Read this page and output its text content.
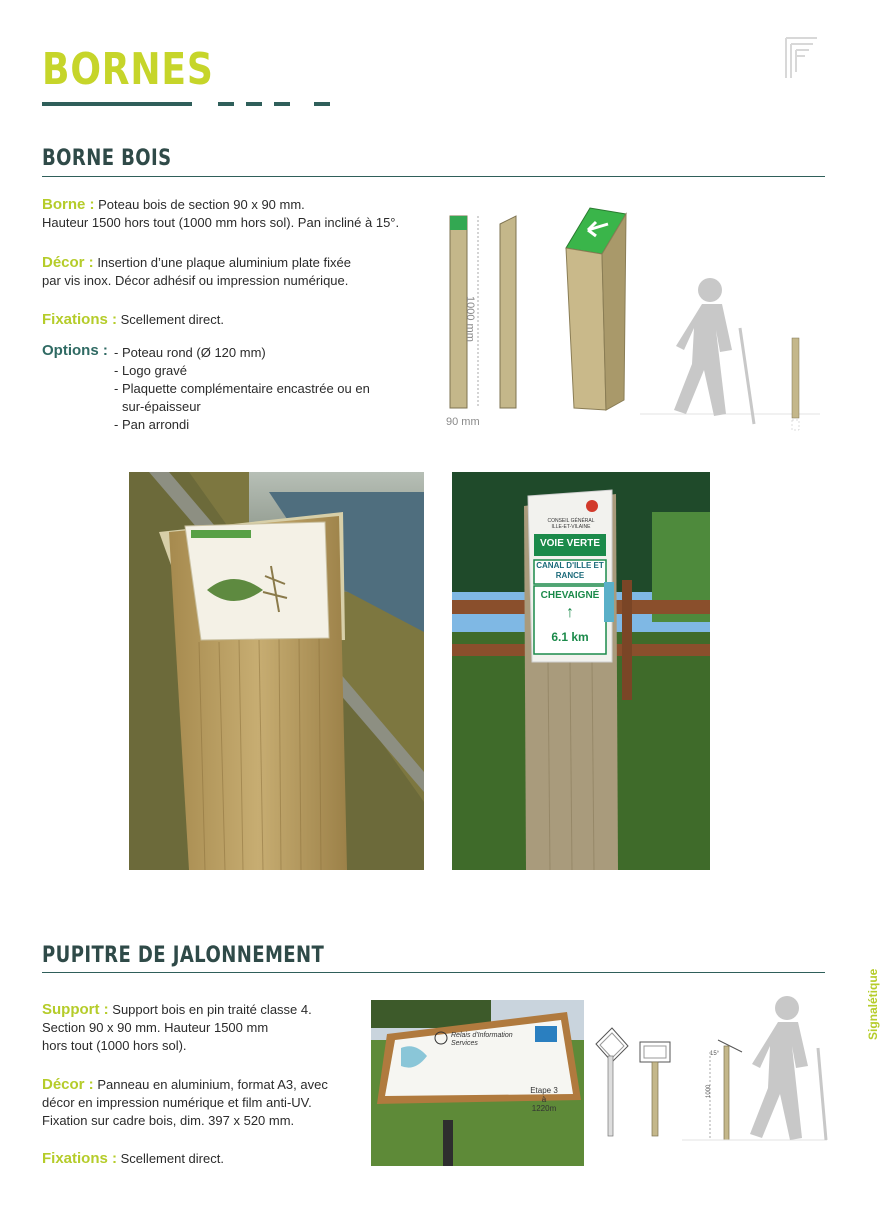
BORNES
BORNE BOIS
Borne : Poteau bois de section 90 x 90 mm.
Hauteur 1500 hors tout (1000 mm hors sol). Pan incliné à 15°.
Décor : Insertion d’une plaque aluminium plate fixée
par vis inox. Décor adhésif ou impression numérique.
Fixations : Scellement direct.
Options : - Poteau rond (Ø 120 mm)
- Logo gravé
- Plaquette complémentaire encastrée ou en
sur-épaisseur
- Pan arrondi
1000 mm
90 mm
CONSEIL GÉNÉRAL
ILLE-ET-VILAINE
VOIE VERTE
CANAL D'ILLE ET RANCE
CHEVAIGNÉ
↑
6.1 km
PUPITRE DE JALONNEMENT
Support : Support bois en pin traité classe 4.
Section 90 x 90 mm. Hauteur 1500 mm
hors tout (1000 hors sol).
Décor : Panneau en aluminium, format A3, avec
décor en impression numérique et film anti-UV.
Fixation sur cadre bois, dim. 397 x 520 mm.
Fixations : Scellement direct.
Relais d'Information Services
Etape 3
à
1220m
15°
1000
Signalétique
